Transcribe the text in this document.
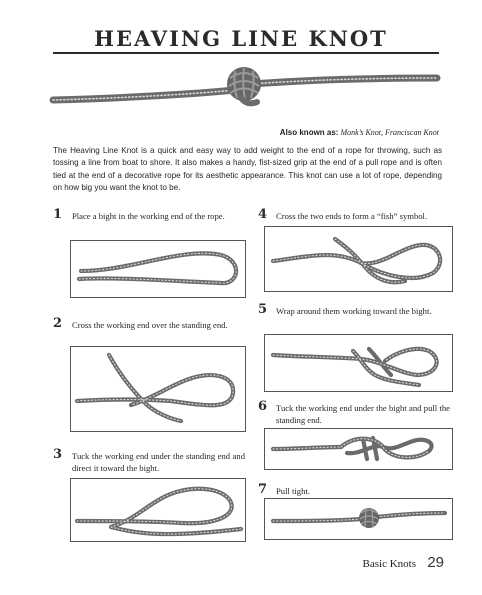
HEAVING LINE KNOT
Also known as: Monk’s Knot, Franciscan Knot
The Heaving Line Knot is a quick and easy way to add weight to the end of a rope for throwing, such as tossing a line from boat to shore. It also makes a handy, fist-sized grip at the end of a pull rope and is often tied at the end of a decorative rope for its aesthetic appearance. This knot can use a lot of rope, depending on how big you want the knot to be.
1 Place a bight in the working end of the rope.
2 Cross the working end over the standing end.
3 Tuck the working end under the standing end and direct it toward the bight.
4 Cross the two ends to form a “fish” symbol.
5 Wrap around them working toward the bight.
6 Tuck the working end under the bight and pull the standing end.
7 Pull tight.
Basic Knots 29
